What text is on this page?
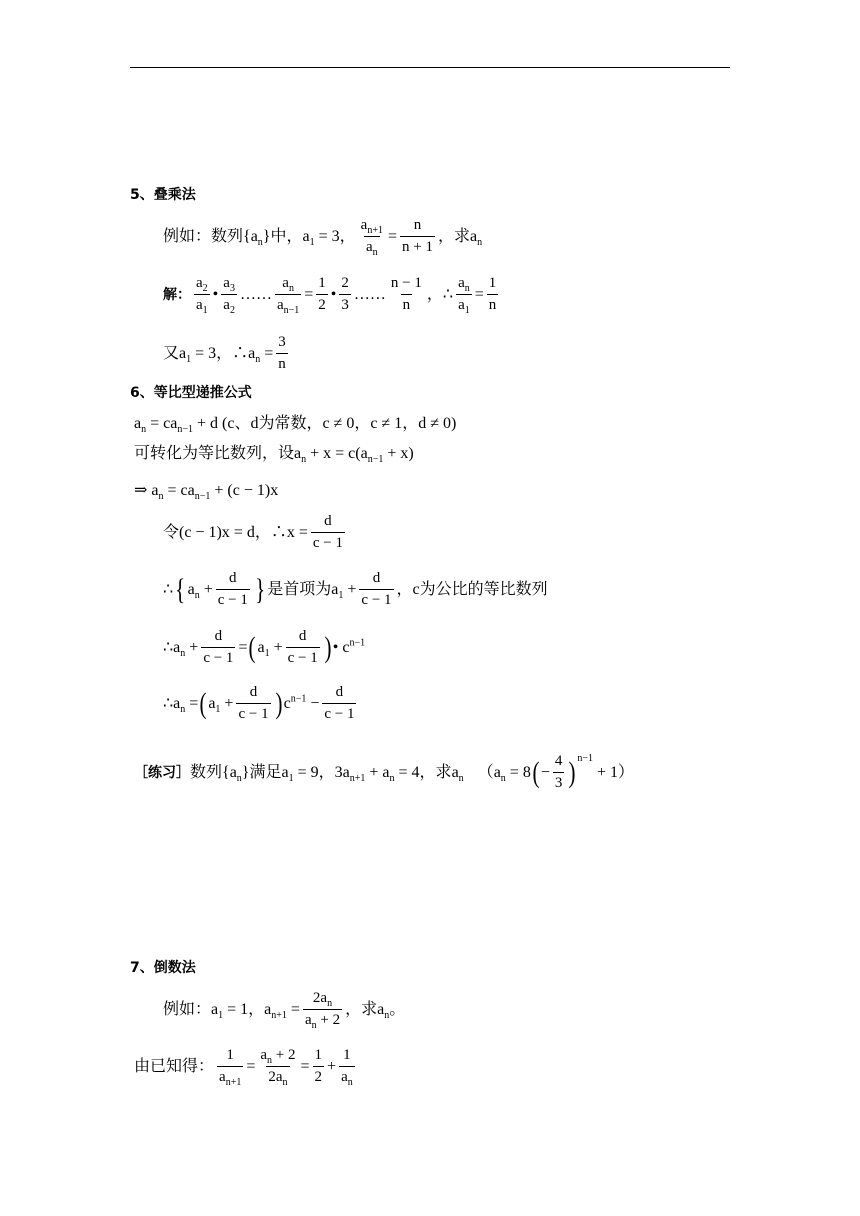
5、叠乘法
例如：数列 $\{a_n\}$ 中， $a_1 = 3$， $\frac{a_{n+1}}{a_n} = \frac{n}{n + 1}$ ，求 $a_n$
解： $\frac{a_2}{a_1}$ • $\frac{a_3}{a_2}$ …… $\frac{a_n}{a_{n-1}} = \frac{1}{2}$ • $\frac{2}{3}$ …… $\frac{n - 1}{n}$ ， ∴ $\frac{a_n}{a_1} = \frac{1}{n}$
又 $a_1 = 3$，$\therefore a_n = \frac{3}{n}$
6、等比型递推公式
$a_n = ca_{n-1} + d$ (c、d为常数，c ≠ 0，c ≠ 1，d ≠ 0)
可转化为等比数列，设$a_n + x = c(a_{n-1} + x)$
⇒ $a_n = ca_{n-1} + (c - 1)x$
令 (c − 1)x = d，∴x = $\frac{d}{c - 1}$
∴ { $a_n + \frac{d}{c - 1}$ } 是首项为 $a_1 + \frac{d}{c - 1}$ ，c为公比的等比数列
$\therefore a_n + \frac{d}{c - 1}$ = ( $a_1 + \frac{d}{c - 1}$ ) • $c^{n-1}$
$\therefore a_n$ = ( $a_1 + \frac{d}{c - 1}$ ) $c^{n-1} - \frac{d}{c - 1}$
［练习］ 数列 $\{a_n\}$ 满足 $a_1 = 9$，$3a_{n+1} + a_n = 4$ ，求 $a_n$ （ $a_n = 8$ ( − $\frac{4}{3}$ ) n−1
+ 1 ）
7、倒数法
例如： $a_1 = 1$，$a_{n+1} = \frac{2a_n}{a_n + 2}$ ，求 $a_n$ 。
由已知得： $\frac{1}{a_{n+1}} = \frac{a_n + 2}{2a_n} = \frac{1}{2} + \frac{1}{a_n}$
